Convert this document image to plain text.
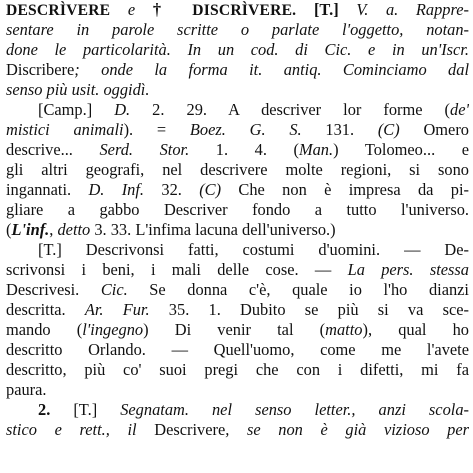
DESCRÌVERE e † DISCRÌVERE. [T.] V. a. Rappre-
sentare in parole scritte o parlate l'oggetto, notan-
done le particolarità. In un cod. di Cic. e in un'Iscr.
Discribere; onde la forma it. antiq. Cominciamo dal
senso più usit. oggidì.
[Camp.] D. 2. 29. A descriver lor forme (de'
mistici animali). = Boez. G. S. 131. (C) Omero
descrive... Serd. Stor. 1. 4. (Man.) Tolomeo... e
gli altri geografi, nel descrivere molte regioni, si sono
ingannati. D. Inf. 32. (C) Che non è impresa da pi-
gliare a gabbo Descriver fondo a tutto l'universo.
(L'inf., detto 3. 33. L'infima lacuna dell'universo.)
[T.] Descrivonsi fatti, costumi d'uomini. — De-
scrivonsi i beni, i mali delle cose. — La pers. stessa
Descrivesi. Cic. Se donna c'è, quale io l'ho dianzi
descritta. Ar. Fur. 35. 1. Dubito se più si va sce-
mando (l'ingegno) Di venir tal (matto), qual ho
descritto Orlando. — Quell'uomo, come me l'avete
descritto, più co' suoi pregi che con i difetti, mi fa
paura.
2. [T.] Segnatam. nel senso letter., anzi scola-
stico e rett., il Descrivere, se non è già vizioso per
